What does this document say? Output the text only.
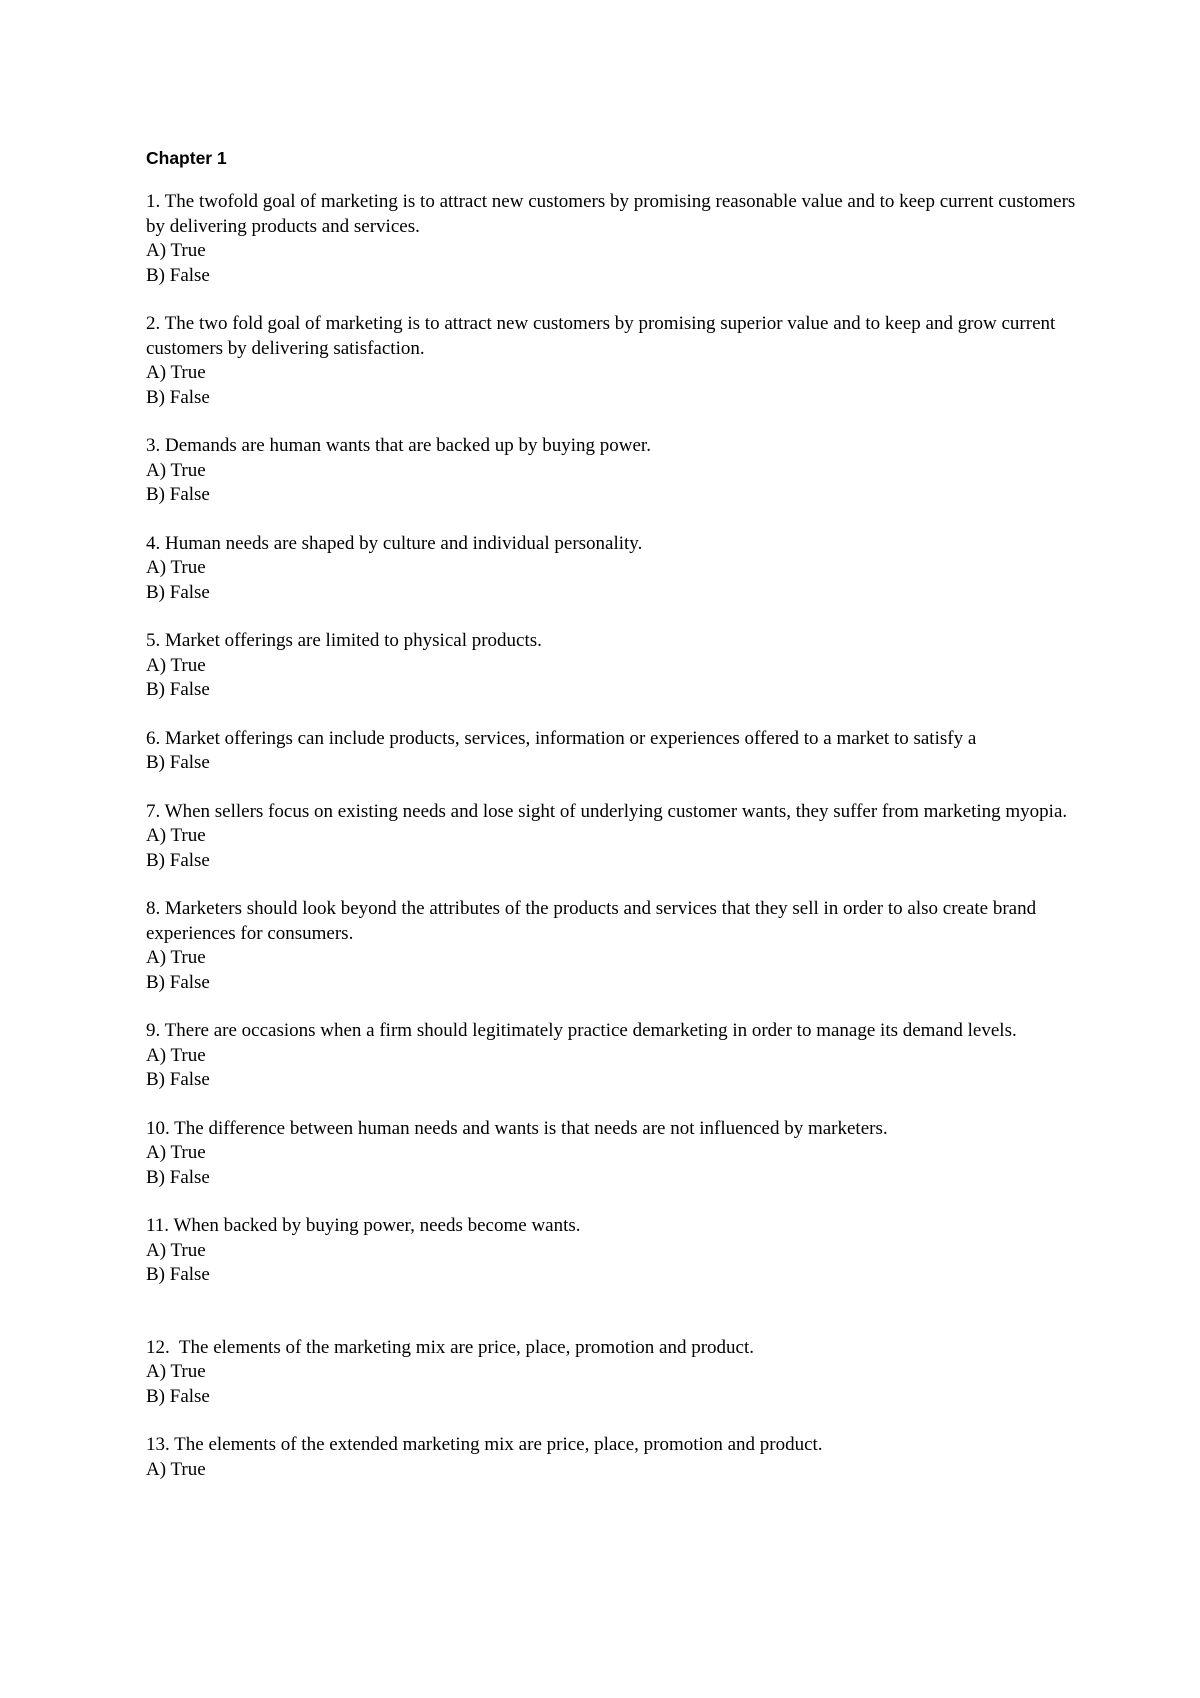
Chapter 1
1. The twofold goal of marketing is to attract new customers by promising reasonable value and to keep current customers by delivering products and services.
A) True
B) False
2. The two fold goal of marketing is to attract new customers by promising superior value and to keep and grow current customers by delivering satisfaction.
A) True
B) False
3. Demands are human wants that are backed up by buying power.
A) True
B) False
4. Human needs are shaped by culture and individual personality.
A) True
B) False
5. Market offerings are limited to physical products.
A) True
B) False
6. Market offerings can include products, services, information or experiences offered to a market to satisfy a
B) False
7. When sellers focus on existing needs and lose sight of underlying customer wants, they suffer from marketing myopia.
A) True
B) False
8. Marketers should look beyond the attributes of the products and services that they sell in order to also create brand experiences for consumers.
A) True
B) False
9. There are occasions when a firm should legitimately practice demarketing in order to manage its demand levels.
A) True
B) False
10. The difference between human needs and wants is that needs are not influenced by marketers.
A) True
B) False
11. When backed by buying power, needs become wants.
A) True
B) False
12.  The elements of the marketing mix are price, place, promotion and product.
A) True
B) False
13. The elements of the extended marketing mix are price, place, promotion and product.
A) True
